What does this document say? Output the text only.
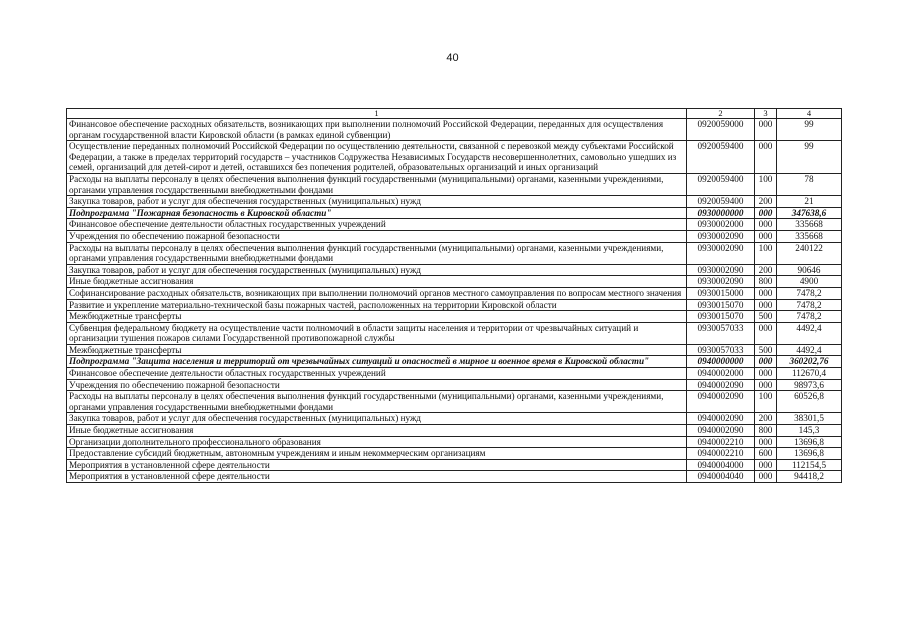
40
1	2	3	4
Финансовое обеспечение расходных обязательств, возникающих при выполнении полномочий Российской Федерации, переданных для осуществления органам государственной власти Кировской области (в рамках единой субвенции)	0920059000	000	99
Осуществление переданных полномочий Российской Федерации по осуществлению деятельности, связанной с перевозкой между субъектами Российской Федерации, а также в пределах территорий государств – участников Содружества Независимых Государств несовершеннолетних, самовольно ушедших из семей, организаций для детей-сирот и детей, оставшихся без попечения родителей, образовательных организаций и иных организаций	0920059400	000	99
Расходы на выплаты персоналу в целях обеспечения выполнения функций государственными (муниципальными) органами, казенными учреждениями, органами управления государственными внебюджетными фондами	0920059400	100	78
Закупка товаров, работ и услуг для обеспечения государственных (муниципальных) нужд	0920059400	200	21
Подпрограмма "Пожарная безопасность в Кировской области"	0930000000	000	347638,6
Финансовое обеспечение деятельности областных государственных учреждений	0930002000	000	335668
Учреждения по обеспечению пожарной безопасности	0930002090	000	335668
Расходы на выплаты персоналу в целях обеспечения выполнения функций государственными (муниципальными) органами, казенными учреждениями, органами управления государственными внебюджетными фондами	0930002090	100	240122
Закупка товаров, работ и услуг для обеспечения государственных (муниципальных) нужд	0930002090	200	90646
Иные бюджетные ассигнования	0930002090	800	4900
Софинансирование расходных обязательств, возникающих при выполнении полномочий органов местного самоуправления по вопросам местного значения	0930015000	000	7478,2
Развитие и укрепление материально-технической базы пожарных частей, расположенных на территории Кировской области	0930015070	000	7478,2
Межбюджетные трансферты	0930015070	500	7478,2
Субвенция федеральному бюджету на осуществление части полномочий в области защиты населения и территории от чрезвычайных ситуаций и организации тушения пожаров силами Государственной противопожарной службы	0930057033	000	4492,4
Межбюджетные трансферты	0930057033	500	4492,4
Подпрограмма "Защита населения и территорий от чрезвычайных ситуаций и опасностей в мирное и военное время в Кировской области"	0940000000	000	360202,76
Финансовое обеспечение деятельности областных государственных учреждений	0940002000	000	112670,4
Учреждения по обеспечению пожарной безопасности	0940002090	000	98973,6
Расходы на выплаты персоналу в целях обеспечения выполнения функций государственными (муниципальными) органами, казенными учреждениями, органами управления государственными внебюджетными фондами	0940002090	100	60526,8
Закупка товаров, работ и услуг для обеспечения государственных (муниципальных) нужд	0940002090	200	38301,5
Иные бюджетные ассигнования	0940002090	800	145,3
Организации дополнительного профессионального образования	0940002210	000	13696,8
Предоставление субсидий бюджетным, автономным учреждениям и иным некоммерческим организациям	0940002210	600	13696,8
Мероприятия в установленной сфере деятельности	0940004000	000	112154,5
Мероприятия в установленной сфере деятельности	0940004040	000	94418,2
